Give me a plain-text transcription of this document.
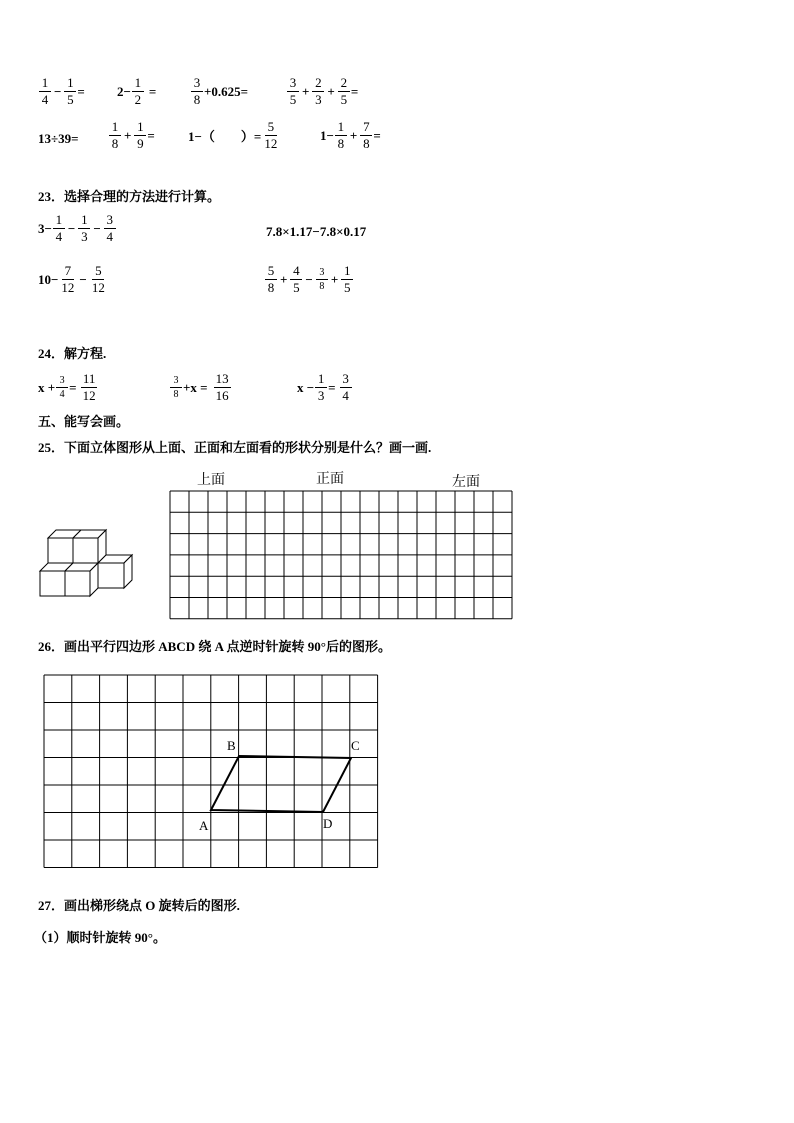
$\frac{1}{4} - \frac{1}{5} = 2- \frac{1}{2}$ =	$\frac{3}{8} +0.625=$	$\frac{3}{5} + \frac{2}{3} + \frac{2}{5}$ =
$13\div 39= \frac{1}{8} + \frac{1}{9}$ =	1−（ ）= $\frac{5}{12}$	$1- \frac{1}{8} + \frac{7}{8}$ =
23．选择合理的方法进行计算。
$3- \frac{1}{4} - \frac{1}{3} - \frac{3}{4}$	7.8×1.17−7.8×0.17
$10- \frac{7}{12} - \frac{5}{12}$	$\frac{5}{8} + \frac{4}{5} - \frac{3}{8} + \frac{1}{5}$
24．解方程.
$x + \frac{3}{4} = \frac{11}{12}$	$\frac{3}{8} +x = \frac{13}{16}$	$x - \frac{1}{3} = \frac{3}{4}$
五、能写会画。
25．下面立体图形从上面、正面和左面看的形状分别是什么？画一画.
上面	正面	左面
26．画出平行四边形 ABCD 绕 A 点逆时针旋转 90°后的图形。
A
B	C
D
27．画出梯形绕点 O 旋转后的图形.
（1）顺时针旋转 90°。
